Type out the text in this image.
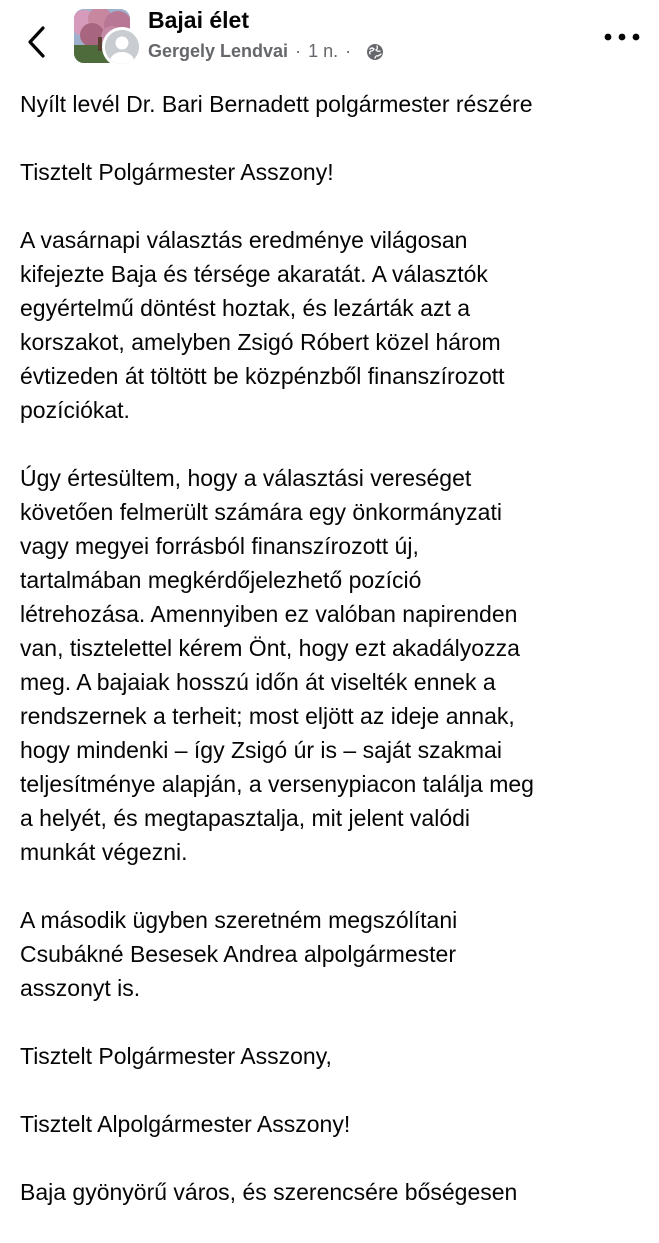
Bajai élet
Gergely Lendvai · 1 n. ·

Nyílt levél Dr. Bari Bernadett polgármester részére

Tisztelt Polgármester Asszony!

A vasárnapi választás eredménye világosan
kifejezte Baja és térsége akaratát. A választók
egyértelmű döntést hoztak, és lezárták azt a
korszakot, amelyben Zsigó Róbert közel három
évtizeden át töltött be közpénzből finanszírozott
pozíciókat.

Úgy értesültem, hogy a választási vereséget
követően felmerült számára egy önkormányzati
vagy megyei forrásból finanszírozott új,
tartalmában megkérdőjelezhető pozíció
létrehozása. Amennyiben ez valóban napirenden
van, tisztelettel kérem Önt, hogy ezt akadályozza
meg. A bajaiak hosszú időn át viselték ennek a
rendszernek a terheit; most eljött az ideje annak,
hogy mindenki – így Zsigó úr is – saját szakmai
teljesítménye alapján, a versenypiacon találja meg
a helyét, és megtapasztalja, mit jelent valódi
munkát végezni.

A második ügyben szeretném megszólítani
Csubákné Besesek Andrea alpolgármester
asszonyt is.

Tisztelt Polgármester Asszony,

Tisztelt Alpolgármester Asszony!

Baja gyönyörű város, és szerencsére bőségesen
